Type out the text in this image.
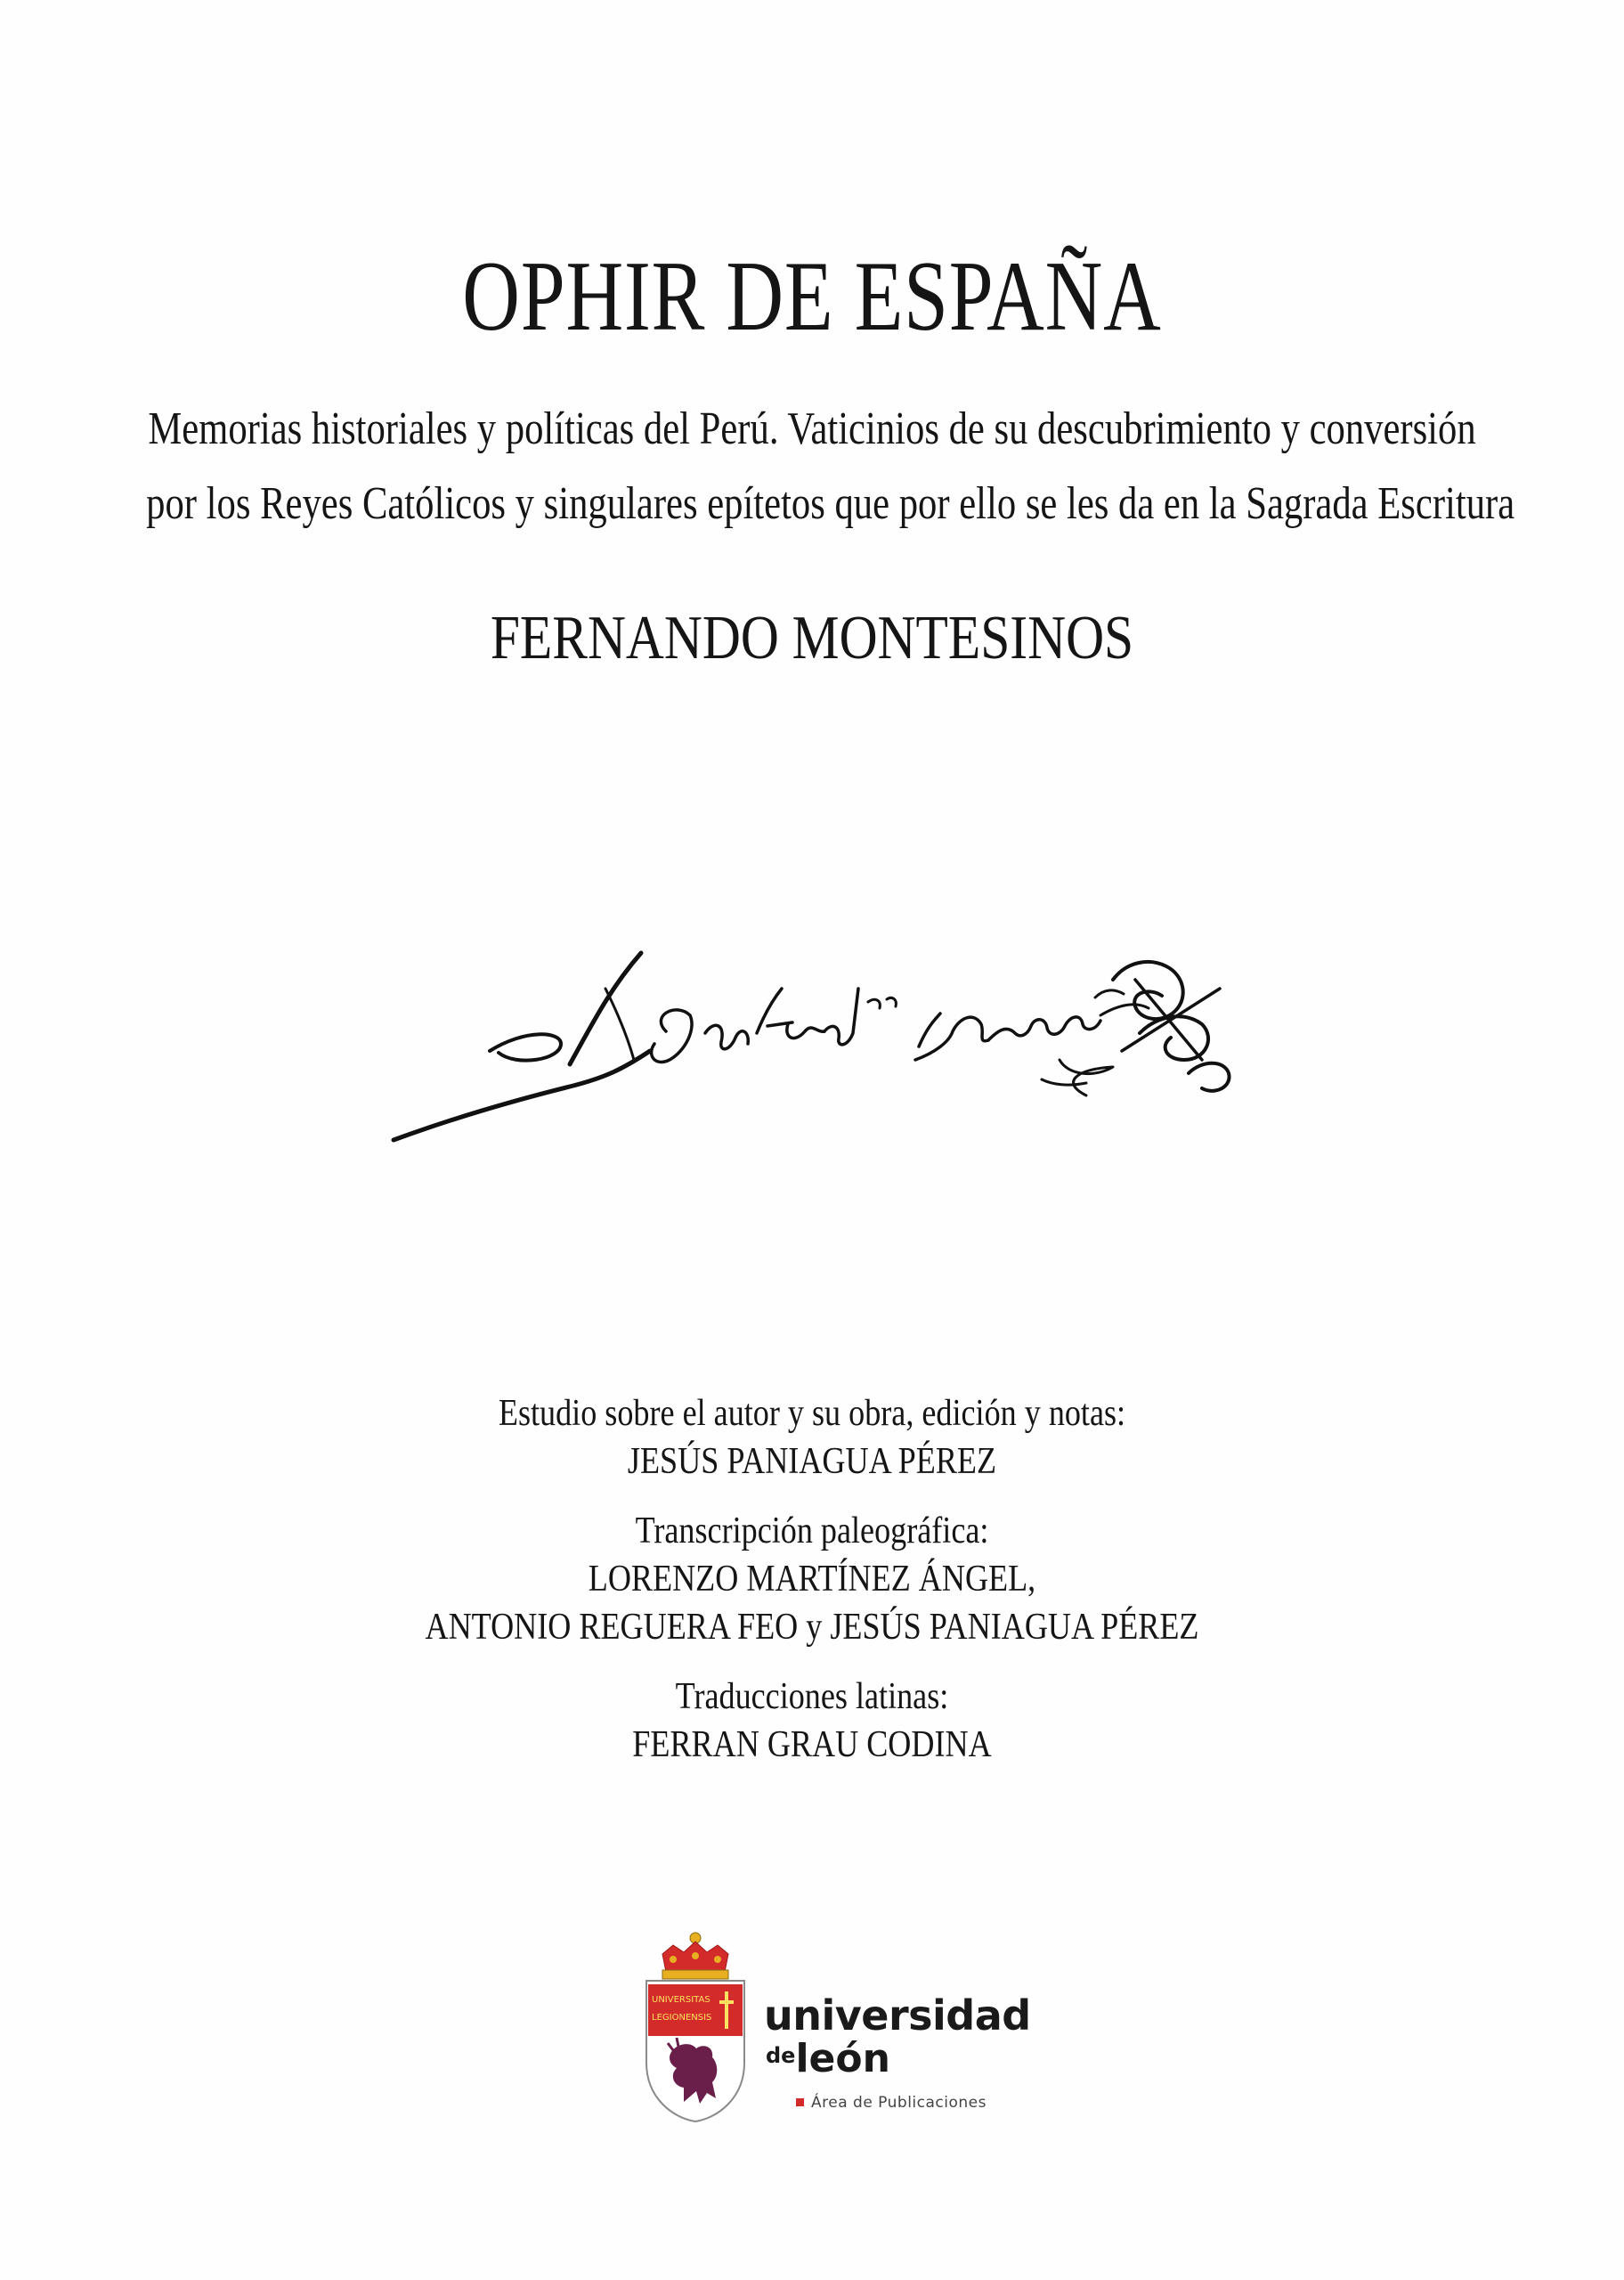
OPHIR DE ESPAÑA
Memorias historiales y políticas del Perú. Vaticinios de su descubrimiento y conversión
por los Reyes Católicos y singulares epítetos que por ello se les da en la Sagrada Escritura
FERNANDO MONTESINOS
Estudio sobre el autor y su obra, edición y notas:
JESÚS PANIAGUA PÉREZ
Transcripción paleográfica:
LORENZO MARTÍNEZ ÁNGEL,
ANTONIO REGUERA FEO y JESÚS PANIAGUA PÉREZ
Traducciones latinas:
FERRAN GRAU CODINA
UNIVERSITAS
LEGIONENSIS universidad
deleón
Área de Publicaciones
